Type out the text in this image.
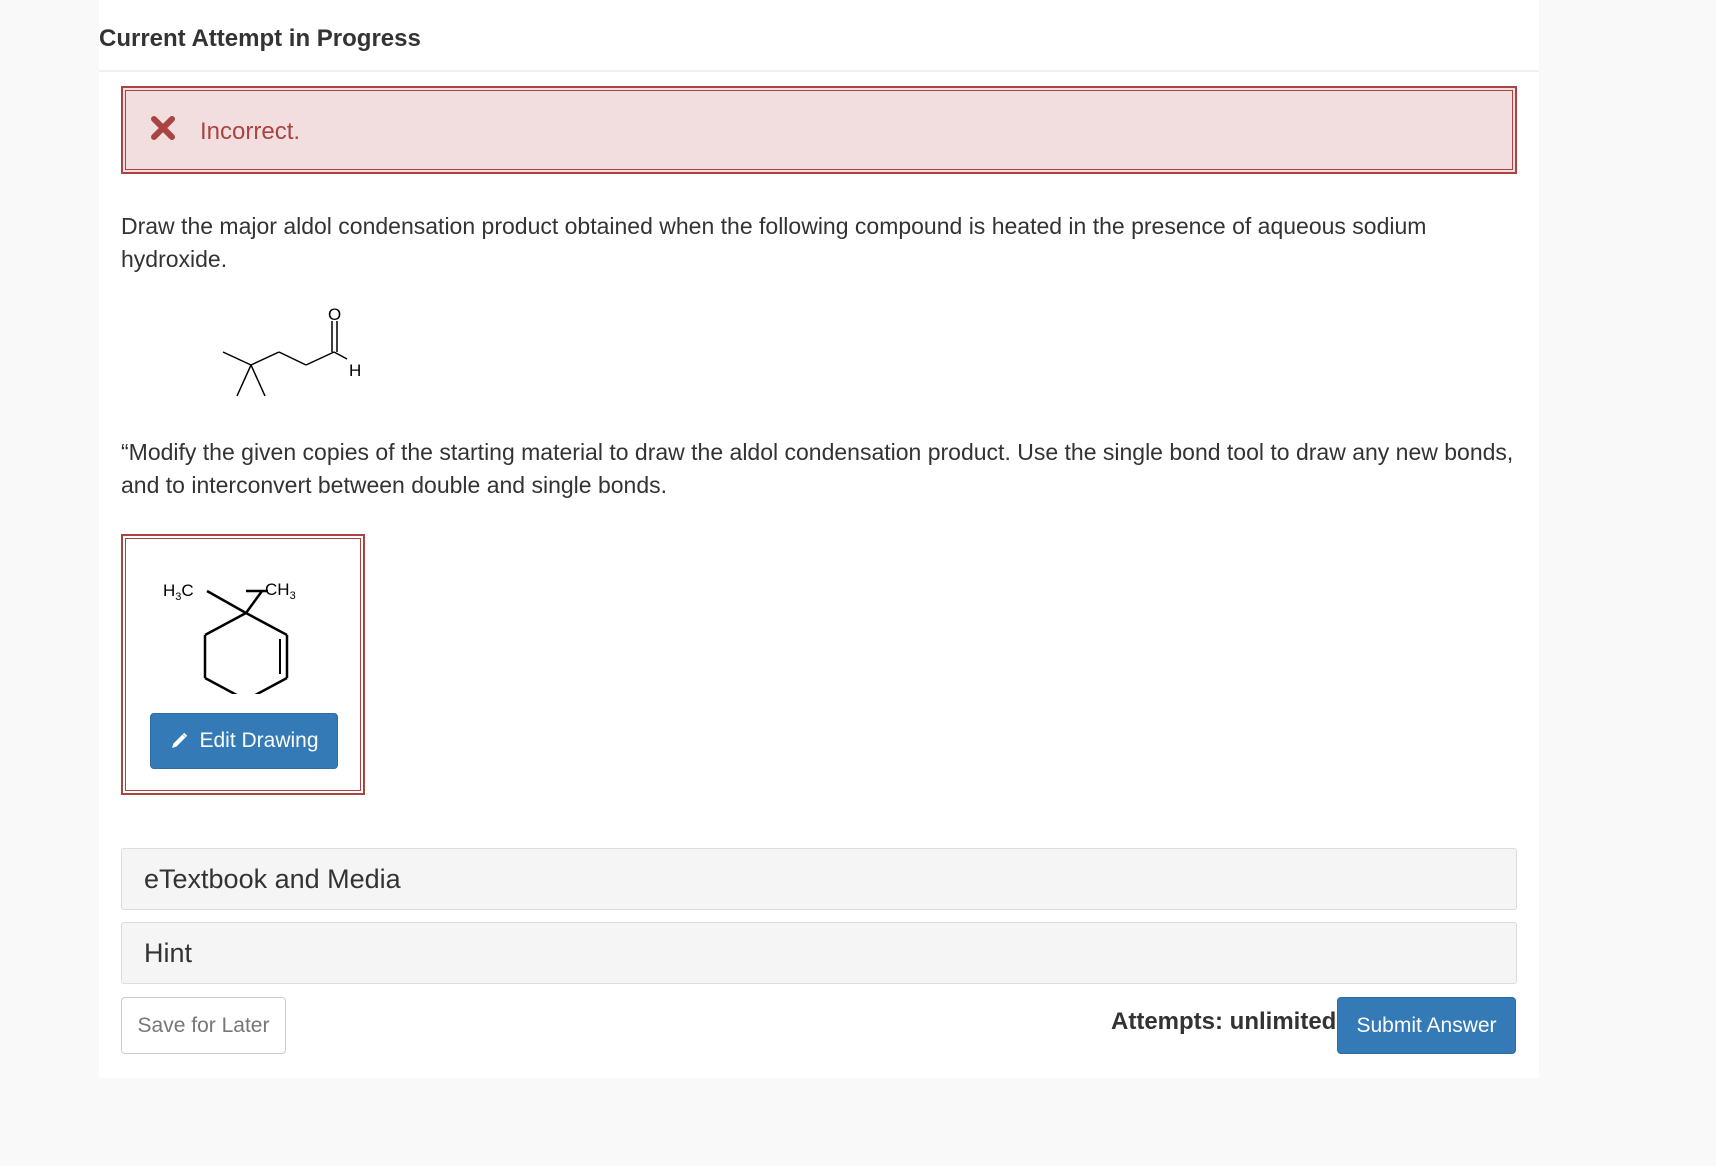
Current Attempt in Progress
Incorrect.
Draw the major aldol condensation product obtained when the following compound is heated in the presence of aqueous sodium hydroxide.
O
H
“Modify the given copies of the starting material to draw the aldol condensation product. Use the single bond tool to draw any new bonds, and to interconvert between double and single bonds.
$H_3C$	$CH_3$
Edit Drawing
eTextbook and Media
Hint
Save for Later	Attempts: unlimited Submit Answer
